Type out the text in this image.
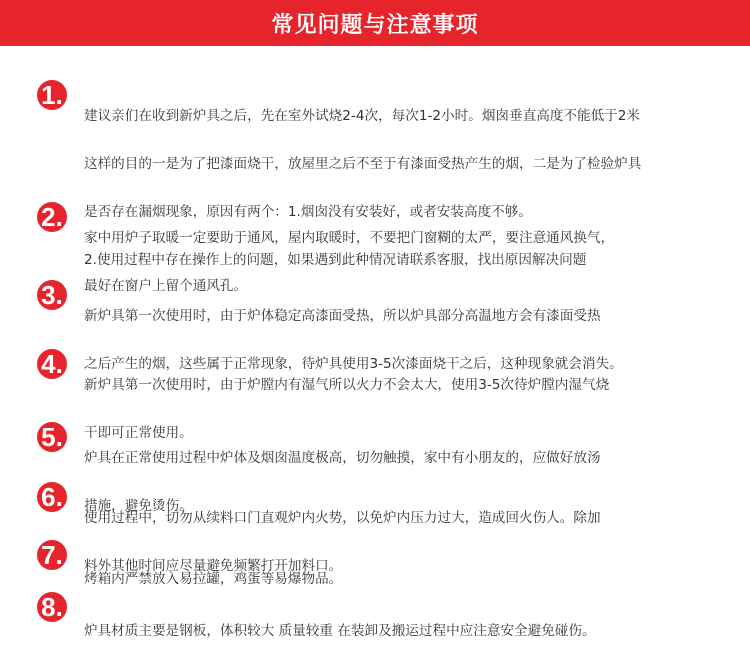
常见问题与注意事项
1.

建议亲们在收到新炉具之后，先在室外试烧2-4次，每次1-2小时。烟囱垂直高度不能低于2米

这样的目的一是为了把漆面烧干，放屋里之后不至于有漆面受热产生的烟，二是为了检验炉具

是否存在漏烟现象，原因有两个：1.烟囱没有安装好，或者安装高度不够。

2.使用过程中存在操作上的问题，如果遇到此种情况请联系客服，找出原因解决问题

2.

家中用炉子取暖一定要助于通风，屋内取暖时，不要把门窗糊的太严，要注意通风换气，

最好在窗户上留个通风孔。

3.

新炉具第一次使用时，由于炉体稳定高漆面受热，所以炉具部分高温地方会有漆面受热

之后产生的烟，这些属于正常现象，待炉具使用3-5次漆面烧干之后，这种现象就会消失。

4.

新炉具第一次使用时，由于炉膛内有湿气所以火力不会太大，使用3-5次待炉膛内湿气烧

干即可正常使用。

5.

炉具在正常使用过程中炉体及烟囱温度极高，切勿触摸，家中有小朋友的，应做好放汤

措施，避免烫伤。

6.

使用过程中，切勿从续料口门直观炉内火势，以免炉内压力过大，造成回火伤人。除加

料外其他时间应尽量避免频繁打开加料口。

7.

烤箱内严禁放入易拉罐，鸡蛋等易爆物品。

8.

炉具材质主要是钢板，体积较大 质量较重 在装卸及搬运过程中应注意安全避免碰伤。
